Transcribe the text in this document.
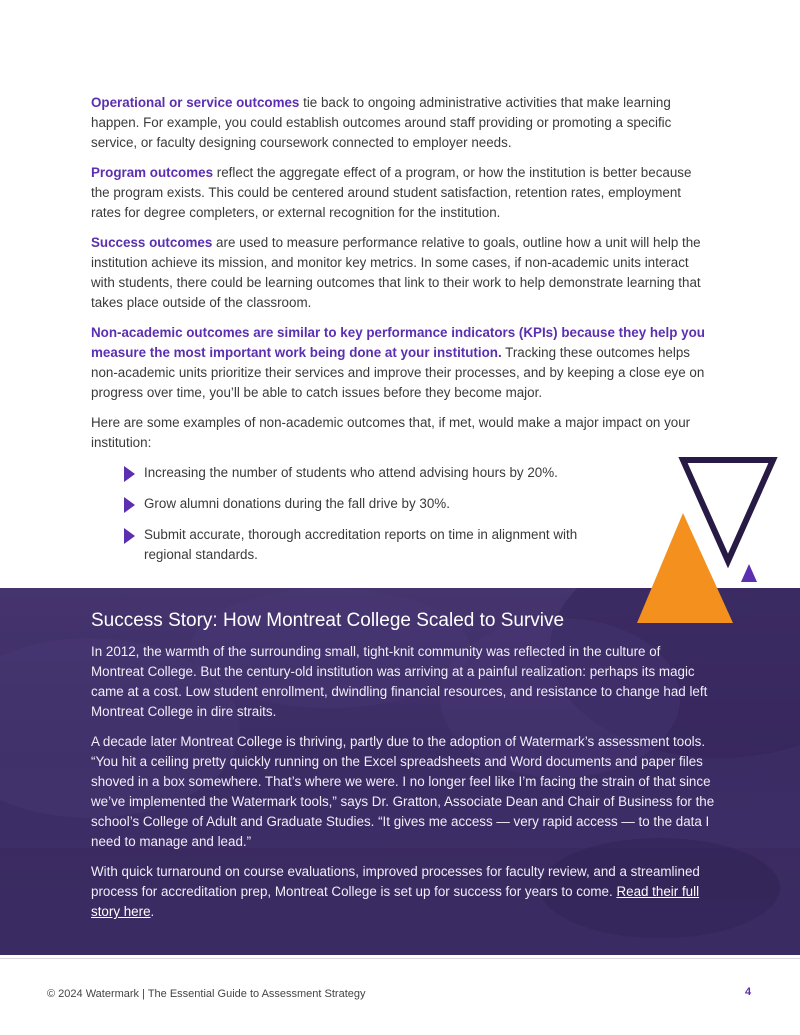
Operational or service outcomes tie back to ongoing administrative activities that make learning happen. For example, you could establish outcomes around staff providing or promoting a specific service, or faculty designing coursework connected to employer needs.

Program outcomes reflect the aggregate effect of a program, or how the institution is better because the program exists. This could be centered around student satisfaction, retention rates, employment rates for degree completers, or external recognition for the institution.

Success outcomes are used to measure performance relative to goals, outline how a unit will help the institution achieve its mission, and monitor key metrics. In some cases, if non-academic units interact with students, there could be learning outcomes that link to their work to help demonstrate learning that takes place outside of the classroom.

Non-academic outcomes are similar to key performance indicators (KPIs) because they help you measure the most important work being done at your institution. Tracking these outcomes helps non-academic units prioritize their services and improve their processes, and by keeping a close eye on progress over time, you’ll be able to catch issues before they become major.

Here are some examples of non-academic outcomes that, if met, would make a major impact on your institution:

Increasing the number of students who attend advising hours by 20%.
Grow alumni donations during the fall drive by 30%.
Submit accurate, thorough accreditation reports on time in alignment with regional standards.
Success Story: How Montreat College Scaled to Survive

In 2012, the warmth of the surrounding small, tight-knit community was reflected in the culture of Montreat College. But the century-old institution was arriving at a painful realization: perhaps its magic came at a cost. Low student enrollment, dwindling financial resources, and resistance to change had left Montreat College in dire straits.

A decade later Montreat College is thriving, partly due to the adoption of Watermark’s assessment tools. “You hit a ceiling pretty quickly running on the Excel spreadsheets and Word documents and paper files shoved in a box somewhere. That’s where we were. I no longer feel like I’m facing the strain of that since we’ve implemented the Watermark tools,” says Dr. Gratton, Associate Dean and Chair of Business for the school’s College of Adult and Graduate Studies. “It gives me access — very rapid access — to the data I need to manage and lead.”

With quick turnaround on course evaluations, improved processes for faculty review, and a streamlined process for accreditation prep, Montreat College is set up for success for years to come. Read their full story here.

© 2024 Watermark | The Essential Guide to Assessment Strategy	4
